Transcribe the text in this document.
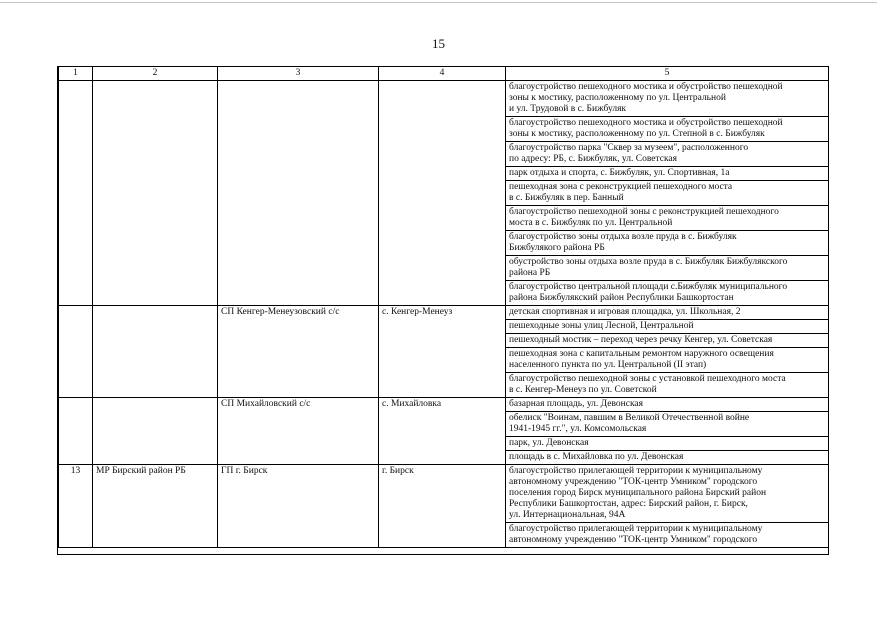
15
1	2	3	4	5

				благоустройство пешеходного мостика и обустройство пешеходной
зоны к мостику, расположенному по ул. Центральной
и ул. Трудовой в с. Бижбуляк

				благоустройство пешеходного мостика и обустройство пешеходной
зоны к мостику, расположенному по ул. Степной в с. Бижбуляк

				благоустройство парка "Сквер за музеем", расположенного
по адресу: РБ, с. Бижбуляк, ул. Советская

				парк отдыха и спорта, с. Бижбуляк, ул. Спортивная, 1а

				пешеходная зона с реконструкцией пешеходного моста
в с. Бижбуляк в пер. Банный

				благоустройство пешеходной зоны с реконструкцией пешеходного
моста в с. Бижбуляк по ул. Центральной

				благоустройство зоны отдыха возле пруда в с. Бижбуляк
Бижбулякого района РБ

				обустройство зоны отдыха возле пруда в с. Бижбуляк Бижбулякского
района РБ

				благоустройство центральной площади с.Бижбуляк муниципального
района Бижбулякский район Республики Башкортостан

		СП Кенгер-Менеузовский с/с	с. Кенгер-Менеуз	детская спортивная и игровая площадка, ул. Школьная, 2

				пешеходные зоны улиц Лесной, Центральной

				пешеходный мостик – переход через речку Кенгер, ул. Советская

				пешеходная зона с капитальным ремонтом наружного освещения
населенного пункта по ул. Центральной (II этап)

				благоустройство пешеходной зоны с установкой пешеходного моста
в с. Кенгер-Менеуз по ул. Советской

		СП Михайловский с/с	с. Михайловка	базарная площадь, ул. Девонская

				обелиск "Воинам, павшим в Великой Отечественной войне
1941-1945 гг.", ул. Комсомольская

				парк, ул. Девонская

				площадь в с. Михайловка по ул. Девонская

13	МР Бирский район РБ	ГП г. Бирск	г. Бирск	благоустройство прилегающей территории к муниципальному
автономному учреждению "ТОК-центр Умником" городского
поселения город Бирск муниципального района Бирский район
Республики Башкортостан, адрес: Бирский район, г. Бирск,
ул. Интернациональная, 94А

				благоустройство прилегающей территории к муниципальному
автономному учреждению "ТОК-центр Умником" городского
